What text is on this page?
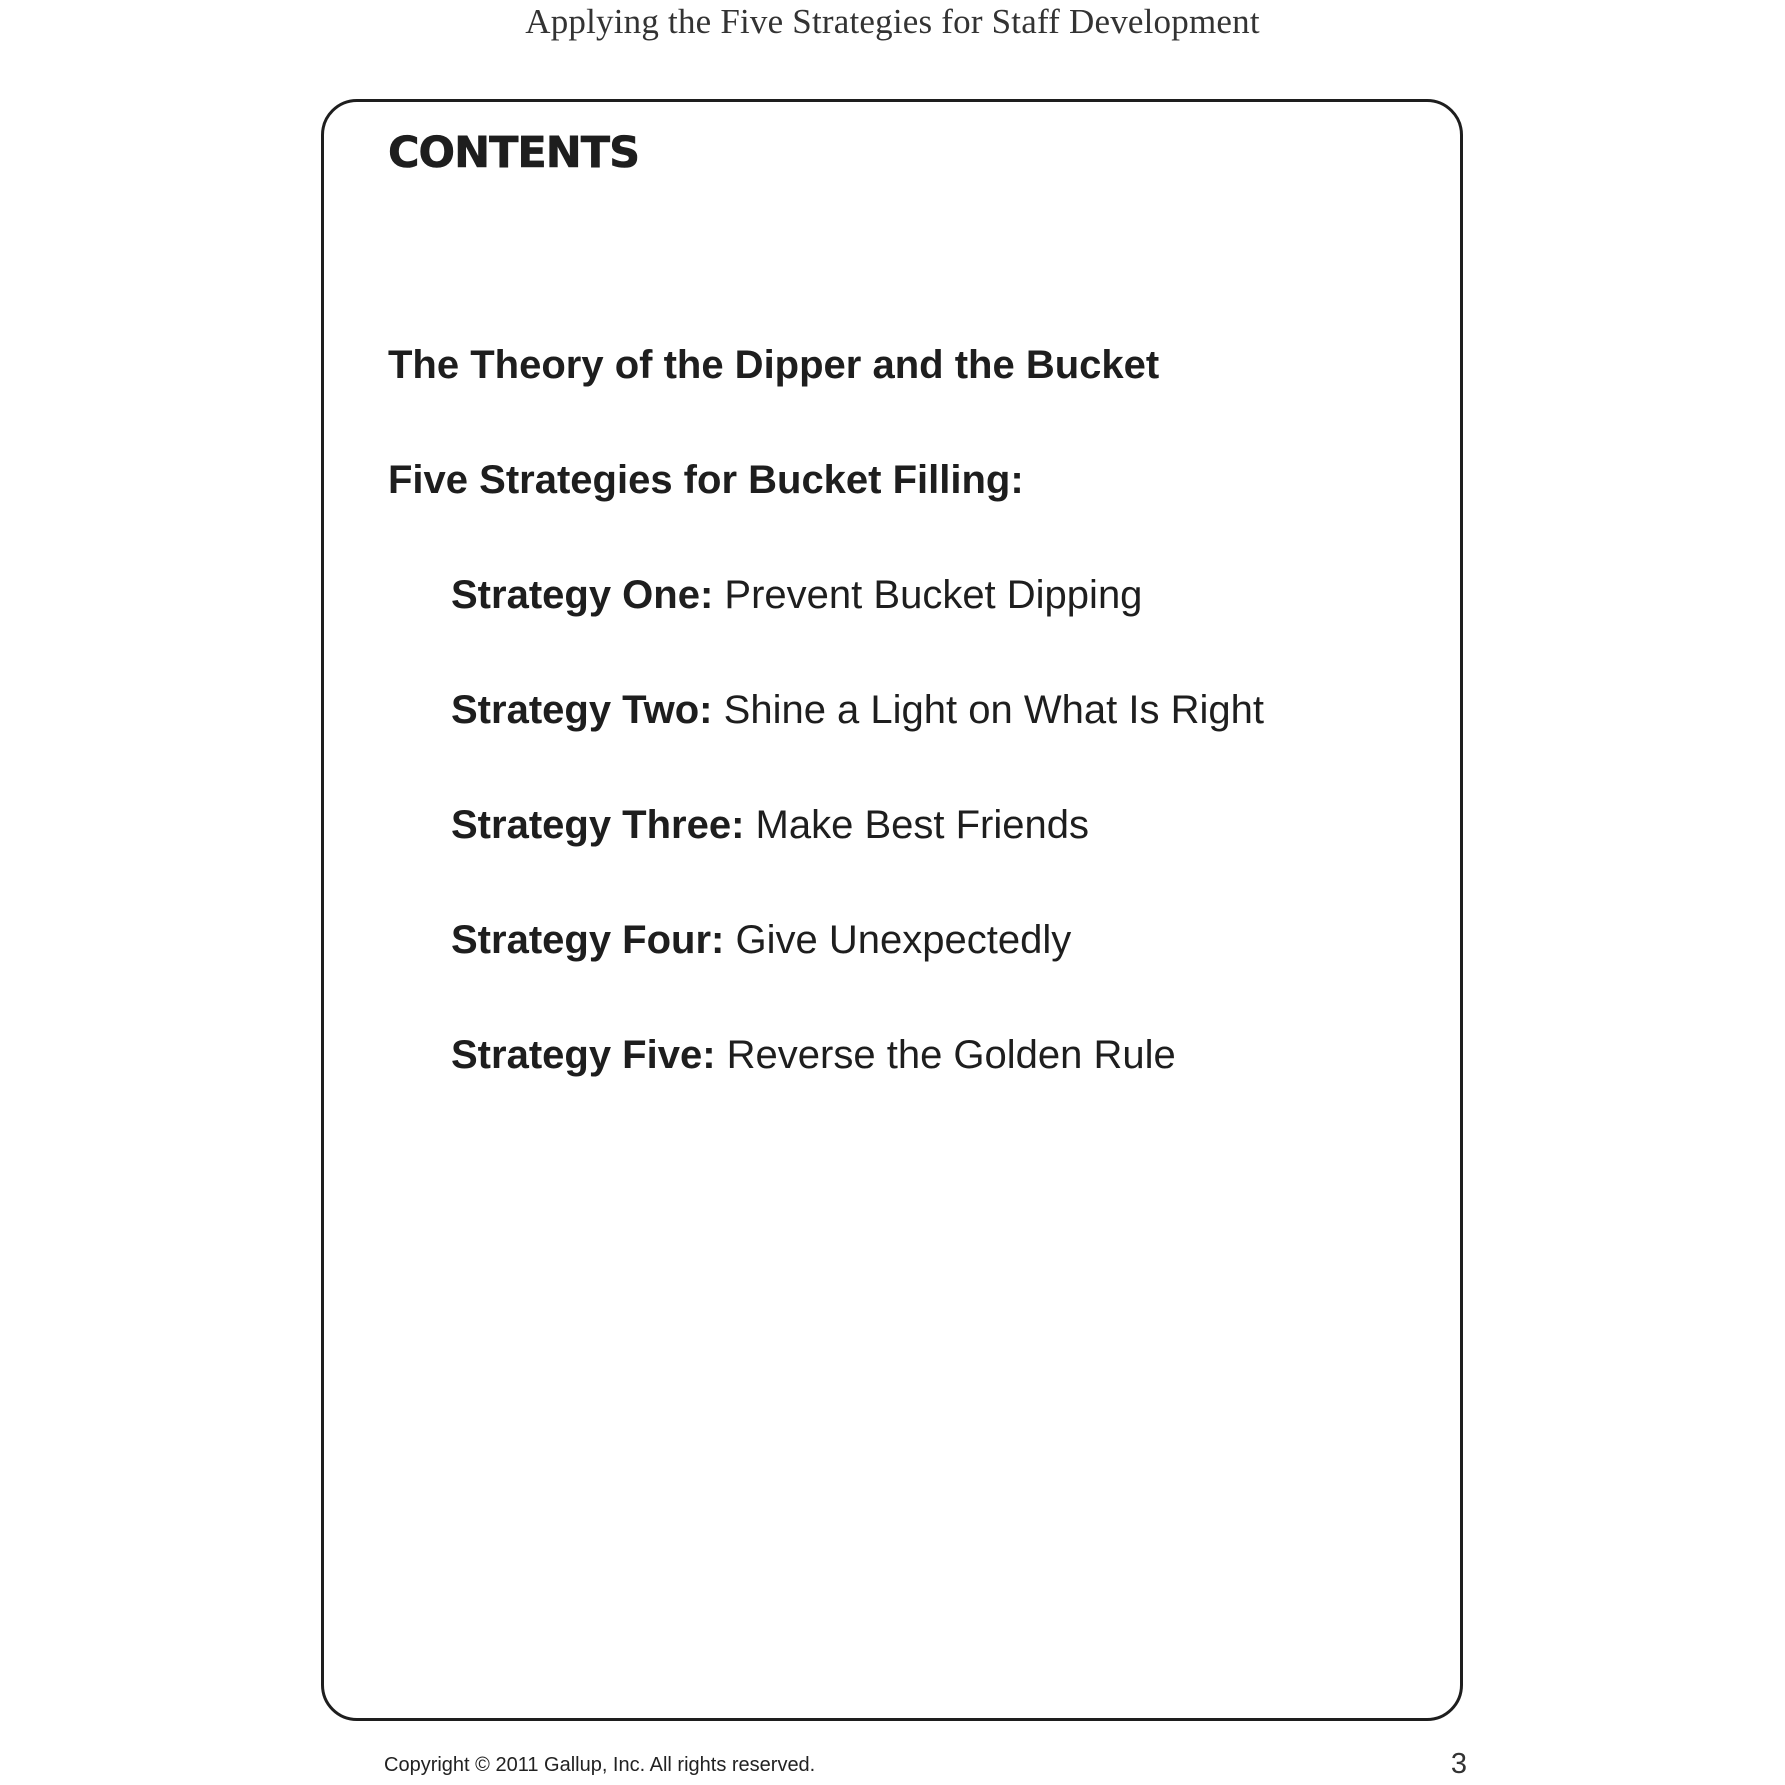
Applying the Five Strategies for Staff Development
CONTENTS

The Theory of the Dipper and the Bucket

Five Strategies for Bucket Filling:

Strategy One: Prevent Bucket Dipping

Strategy Two: Shine a Light on What Is Right

Strategy Three: Make Best Friends

Strategy Four: Give Unexpectedly

Strategy Five: Reverse the Golden Rule

Copyright © 2011 Gallup, Inc. All rights reserved.	3
